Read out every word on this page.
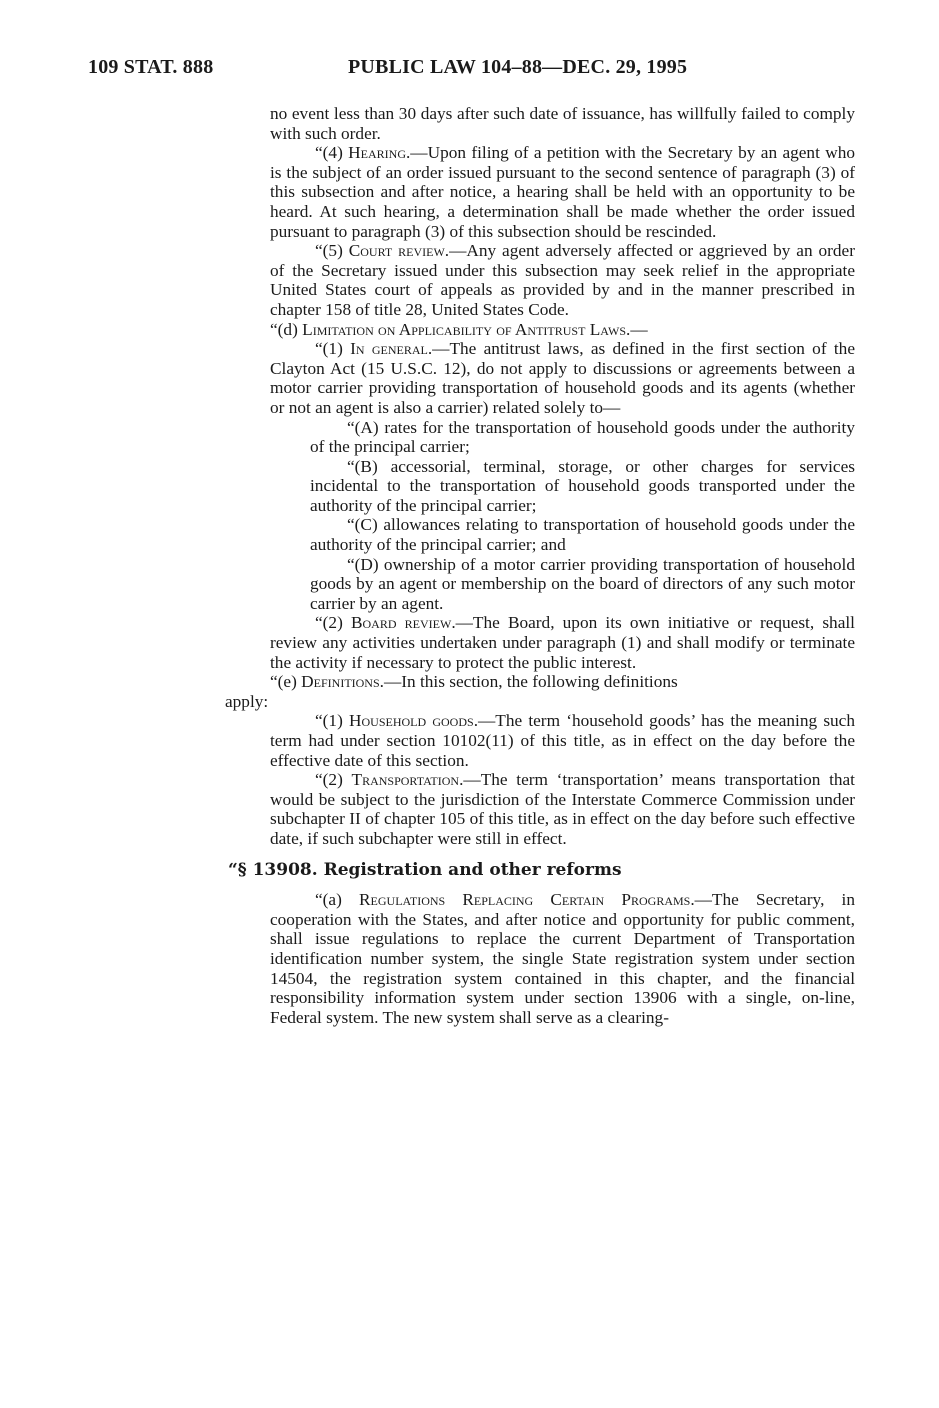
109 STAT. 888	PUBLIC LAW 104–88—DEC. 29, 1995

no event less than 30 days after such date of issuance, has willfully failed to comply with such order.

“(4) Hearing.—Upon filing of a petition with the Secretary by an agent who is the subject of an order issued pursuant to the second sentence of paragraph (3) of this subsection and after notice, a hearing shall be held with an opportunity to be heard. At such hearing, a determination shall be made whether the order issued pursuant to paragraph (3) of this subsection should be rescinded.

“(5) Court review.—Any agent adversely affected or aggrieved by an order of the Secretary issued under this subsection may seek relief in the appropriate United States court of appeals as provided by and in the manner prescribed in chapter 158 of title 28, United States Code.

“(d) Limitation on Applicability of Antitrust Laws.—

“(1) In general.—The antitrust laws, as defined in the first section of the Clayton Act (15 U.S.C. 12), do not apply to discussions or agreements between a motor carrier providing transportation of household goods and its agents (whether or not an agent is also a carrier) related solely to—

“(A) rates for the transportation of household goods under the authority of the principal carrier;

“(B) accessorial, terminal, storage, or other charges for services incidental to the transportation of household goods transported under the authority of the principal carrier;

“(C) allowances relating to transportation of household goods under the authority of the principal carrier; and

“(D) ownership of a motor carrier providing transportation of household goods by an agent or membership on the board of directors of any such motor carrier by an agent.

“(2) Board review.—The Board, upon its own initiative or request, shall review any activities undertaken under paragraph (1) and shall modify or terminate the activity if necessary to protect the public interest.

“(e) Definitions.—In this section, the following definitions

apply:

“(1) Household goods.—The term ‘household goods’ has the meaning such term had under section 10102(11) of this title, as in effect on the day before the effective date of this section.

“(2) Transportation.—The term ‘transportation’ means transportation that would be subject to the jurisdiction of the Interstate Commerce Commission under subchapter II of chapter 105 of this title, as in effect on the day before such effective date, if such subchapter were still in effect.

“§ 13908. Registration and other reforms

“(a) Regulations Replacing Certain Programs.—The Secretary, in cooperation with the States, and after notice and opportunity for public comment, shall issue regulations to replace the current Department of Transportation identification number system, the single State registration system under section 14504, the registration system contained in this chapter, and the financial responsibility information system under section 13906 with a single, on-line, Federal system. The new system shall serve as a clearing-
